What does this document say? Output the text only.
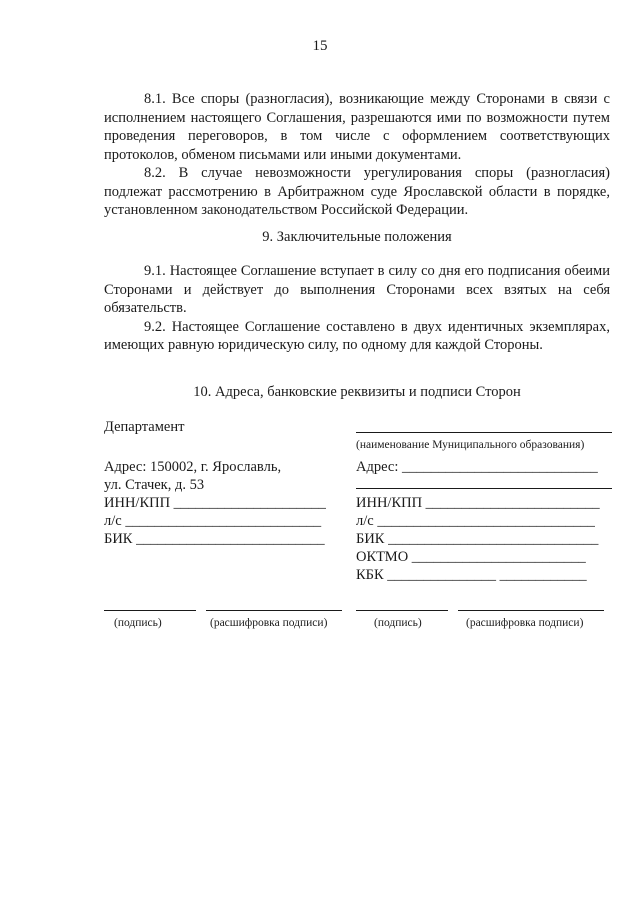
15
8.1. Все споры (разногласия), возникающие между Сторонами в связи с исполнением настоящего Соглашения, разрешаются ими по возможности путем проведения переговоров, в том числе с оформлением соответствующих протоколов, обменом письмами или иными документами.
8.2. В случае невозможности урегулирования споры (разногласия) подлежат рассмотрению в Арбитражном суде Ярославской области в порядке, установленном законодательством Российской Федерации.
9. Заключительные положения
9.1. Настоящее Соглашение вступает в силу со дня его подписания обеими Сторонами и действует до выполнения Сторонами всех взятых на себя обязательств.
9.2. Настоящее Соглашение составлено в двух идентичных экземплярах, имеющих равную юридическую силу, по одному для каждой Стороны.
10. Адреса, банковские реквизиты и подписи Сторон
Департамент
Адрес: 150002, г. Ярославль,
ул. Стачек, д. 53
ИНН/КПП _____________________
л/с ___________________________
БИК __________________________
(наименование Муниципального образования)
Адрес: ___________________________
ИНН/КПП ________________________
л/с ______________________________
БИК _____________________________
ОКТМО ________________________
КБК _______________ ____________
(подпись)	(расшифровка подписи)	(подпись)	(расшифровка подписи)
